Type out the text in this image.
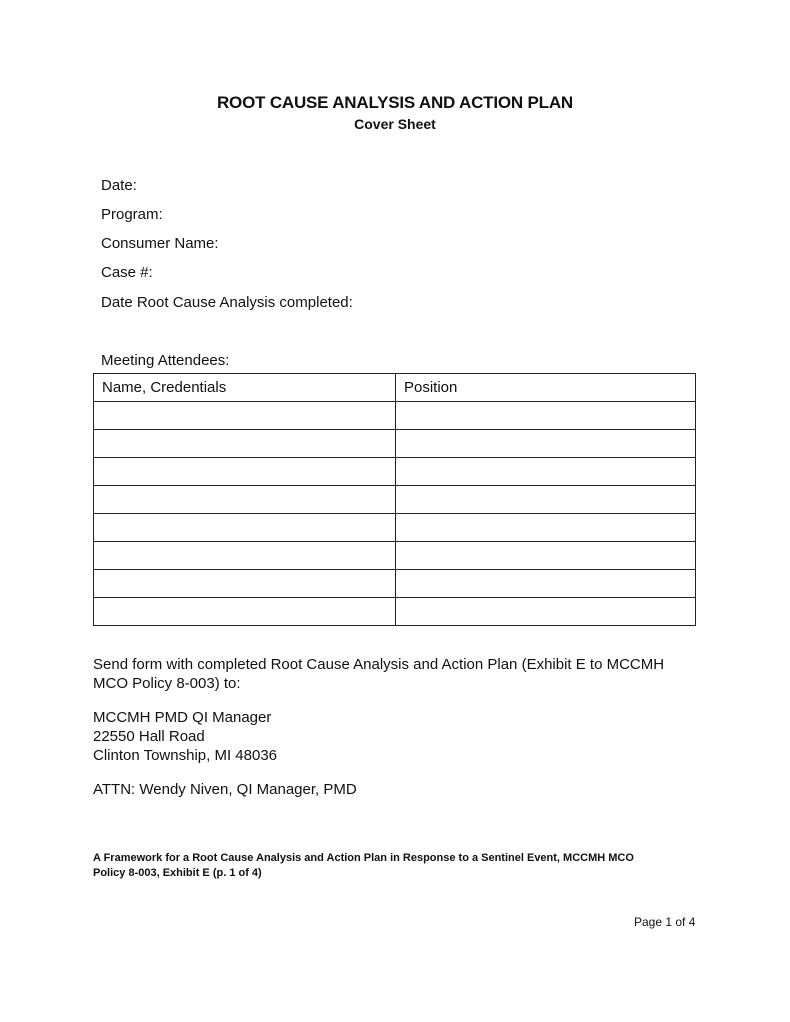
ROOT CAUSE ANALYSIS AND ACTION PLAN
Cover Sheet
Date:
Program:
Consumer Name:
Case #:
Date Root Cause Analysis completed:
Meeting Attendees:
Name, Credentials	Position

Send form with completed Root Cause Analysis and Action Plan (Exhibit E to MCCMH
MCO Policy 8-003) to:
MCCMH PMD QI Manager
22550 Hall Road
Clinton Township, MI 48036
ATTN: Wendy Niven, QI Manager, PMD
A Framework for a Root Cause Analysis and Action Plan in Response to a Sentinel Event, MCCMH MCO
Policy 8-003, Exhibit E (p. 1 of 4)
Page 1 of 4
